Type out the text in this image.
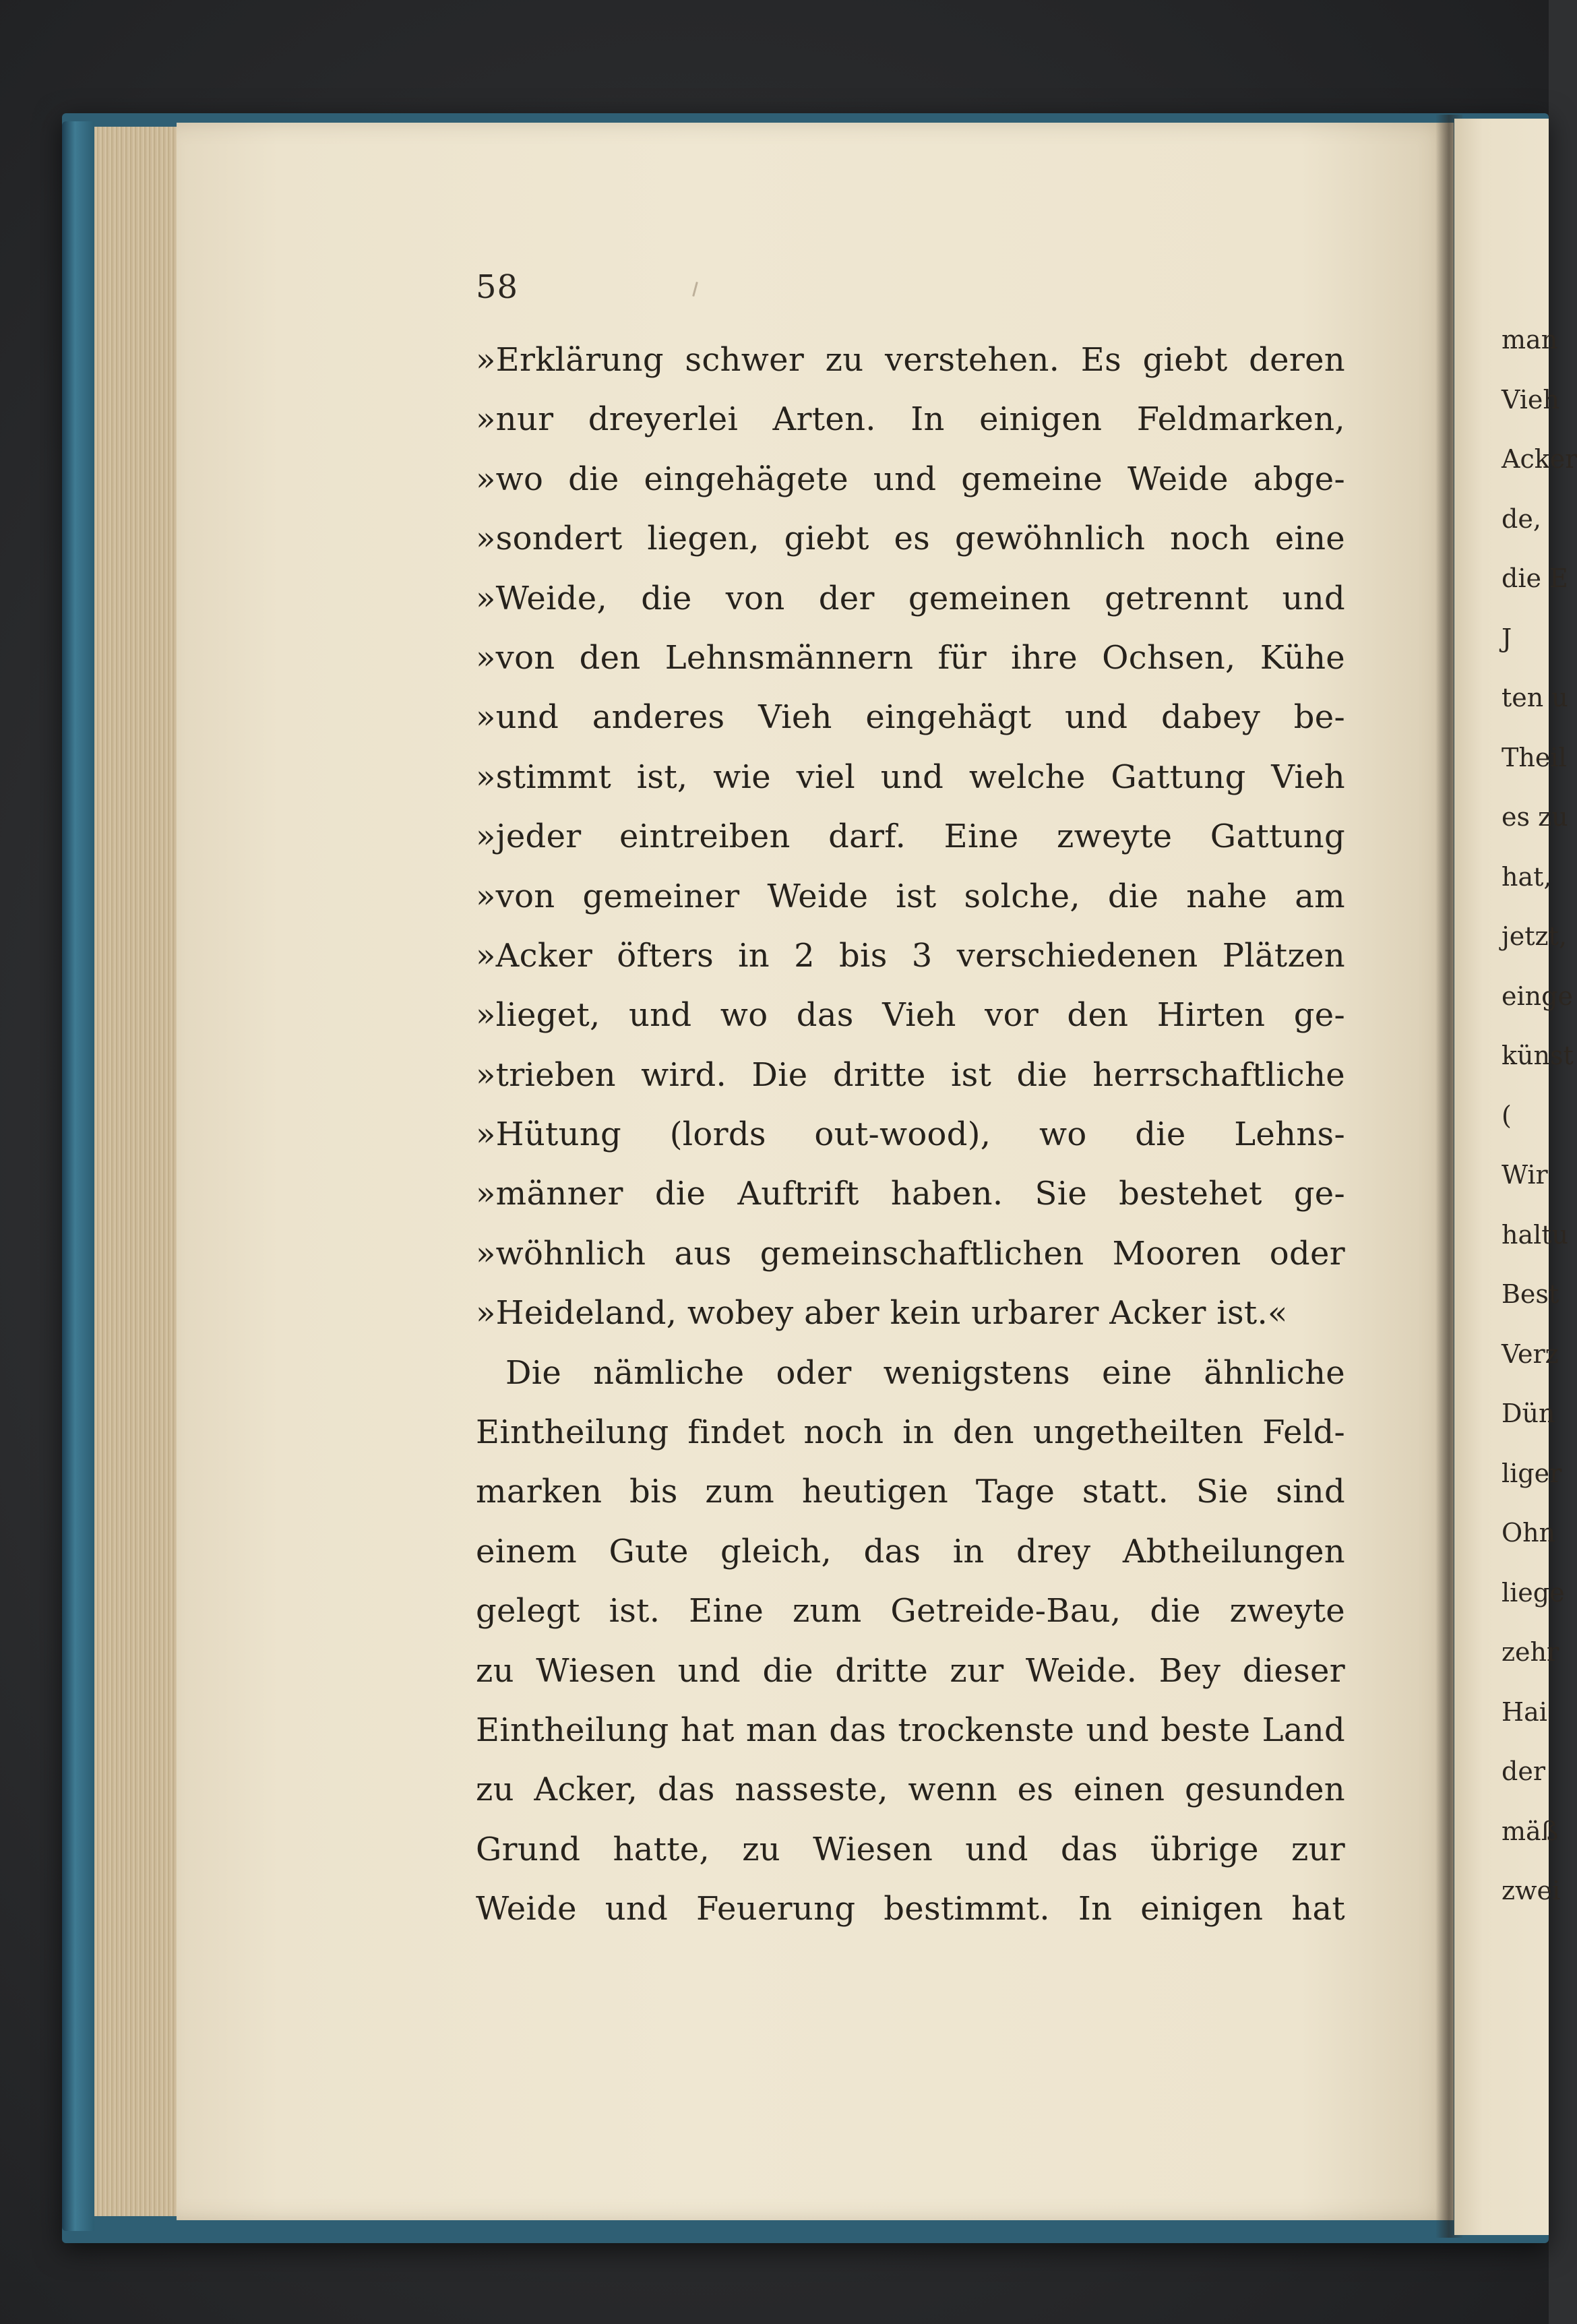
58
»Erklärung schwer zu verstehen. Es giebt deren
»nur dreyerlei Arten. In einigen Feldmarken,
»wo die eingehägete und gemeine Weide abge-
»sondert liegen, giebt es gewöhnlich noch eine
»Weide, die von der gemeinen getrennt und
»von den Lehnsmännern für ihre Ochsen, Kühe
»und anderes Vieh eingehägt und dabey be-
»stimmt ist, wie viel und welche Gattung Vieh
»jeder eintreiben darf. Eine zweyte Gattung
»von gemeiner Weide ist solche, die nahe am
»Acker öfters in 2 bis 3 verschiedenen Plätzen
»lieget, und wo das Vieh vor den Hirten ge-
»trieben wird. Die dritte ist die herrschaftliche
»Hütung (lords out-wood), wo die Lehns-
»männer die Auftrift haben. Sie bestehet ge-
»wöhnlich aus gemeinschaftlichen Mooren oder
»Heideland, wobey aber kein urbarer Acker ist.«
Die nämliche oder wenigstens eine ähnliche
Eintheilung findet noch in den ungetheilten Feld-
marken bis zum heutigen Tage statt. Sie sind
einem Gute gleich, das in drey Abtheilungen
gelegt ist. Eine zum Getreide-Bau, die zweyte
zu Wiesen und die dritte zur Weide. Bey dieser
Eintheilung hat man das trockenste und beste Land
zu Acker, das nasseste, wenn es einen gesunden
Grund hatte, zu Wiesen und das übrige zur
Weide und Feuerung bestimmt. In einigen hat
man
Vieh
Acker
de,
die E
J
ten u
Theil
es zu
hat,
jetzt,
einge
künst
(
Wir
haltu
Best
Verz
Dün
liger
Ohn
liege
zehr
Hai
der
mäß
zwei
